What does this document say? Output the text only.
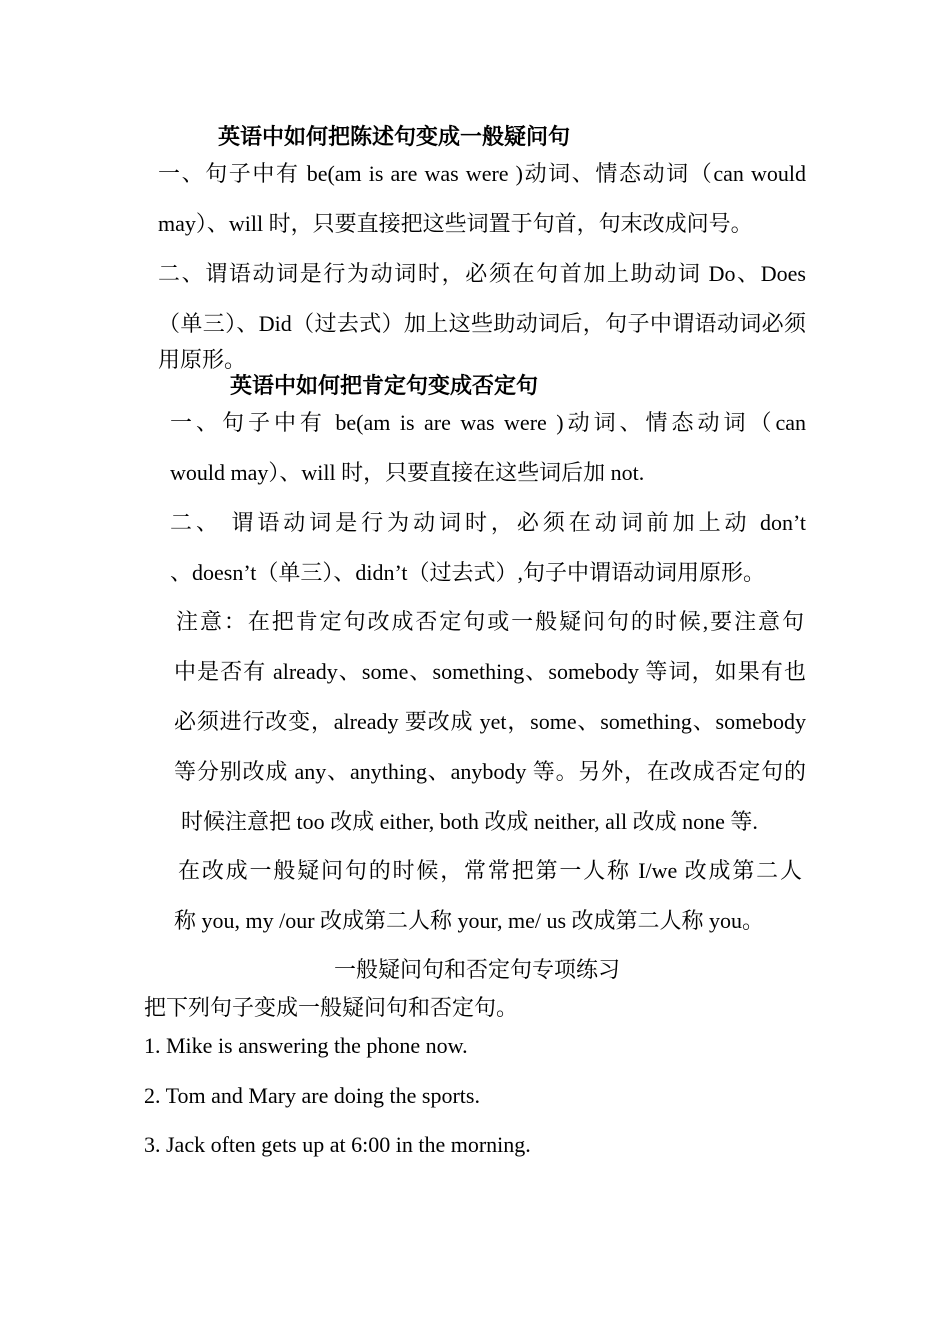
英语中如何把陈述句变成一般疑问句
一、句子中有 be(am is are was were )动词、情态动词（can would
may）、will 时，只要直接把这些词置于句首，句末改成问号。
二、谓语动词是行为动词时，必须在句首加上助动词 Do、Does
（单三）、Did（过去式）加上这些助动词后，句子中谓语动词必须
用原形。
英语中如何把肯定句变成否定句
一、句子中有 be(am is are was were )动词、情态动词（can
would may）、will 时，只要直接在这些词后加 not.
二、 谓语动词是行为动词时，必须在动词前加上动 don’t
、doesn’t（单三）、didn’t（过去式）,句子中谓语动词用原形。
注意：在把肯定句改成否定句或一般疑问句的时候,要注意句
中是否有 already、some、something、somebody 等词，如果有也
必须进行改变，already 要改成 yet，some、something、somebody
等分别改成 any、anything、anybody 等。另外，在改成否定句的
时候注意把 too 改成 either, both 改成 neither, all 改成 none 等.
在改成一般疑问句的时候，常常把第一人称 I/we 改成第二人
称 you, my /our 改成第二人称 your, me/ us 改成第二人称 you。
一般疑问句和否定句专项练习
把下列句子变成一般疑问句和否定句。
1. Mike is answering the phone now.
2. Tom and Mary are doing the sports.
3. Jack often gets up at 6:00 in the morning.
